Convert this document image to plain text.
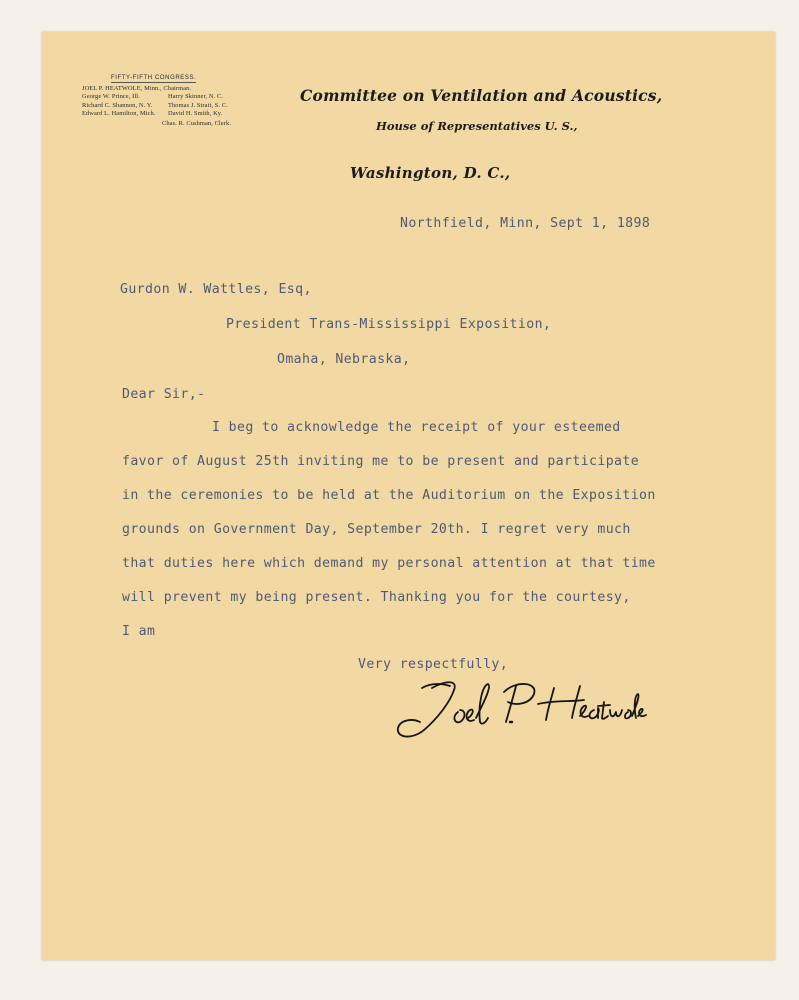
FIFTY-FIFTH CONGRESS.
JOEL P. HEATWOLE, Minn., Chairman.
George W. Prince, Ill.	Harry Skinner, N. C.
Richard C. Shannon, N. Y.	Thomas J. Strait, S. C.
Edward L. Hamilton, Mich.	David H. Smith, Ky.
Chas. R. Cushman, Clerk.
Committee on Ventilation and Acoustics,
House of Representatives U. S.,
Washington, D. C.,
Northfield, Minn, Sept 1, 1898
Gurdon W. Wattles, Esq,
President Trans-Mississippi Exposition,
Omaha, Nebraska,
Dear Sir,-
I beg to acknowledge the receipt of your esteemed
favor of August 25th inviting me to be present and participate
in the ceremonies to be held at the Auditorium on the Exposition
grounds on Government Day, September 20th. I regret very much
that duties here which demand my personal attention at that time
will prevent my being present. Thanking you for the courtesy,
I am
Very respectfully,
